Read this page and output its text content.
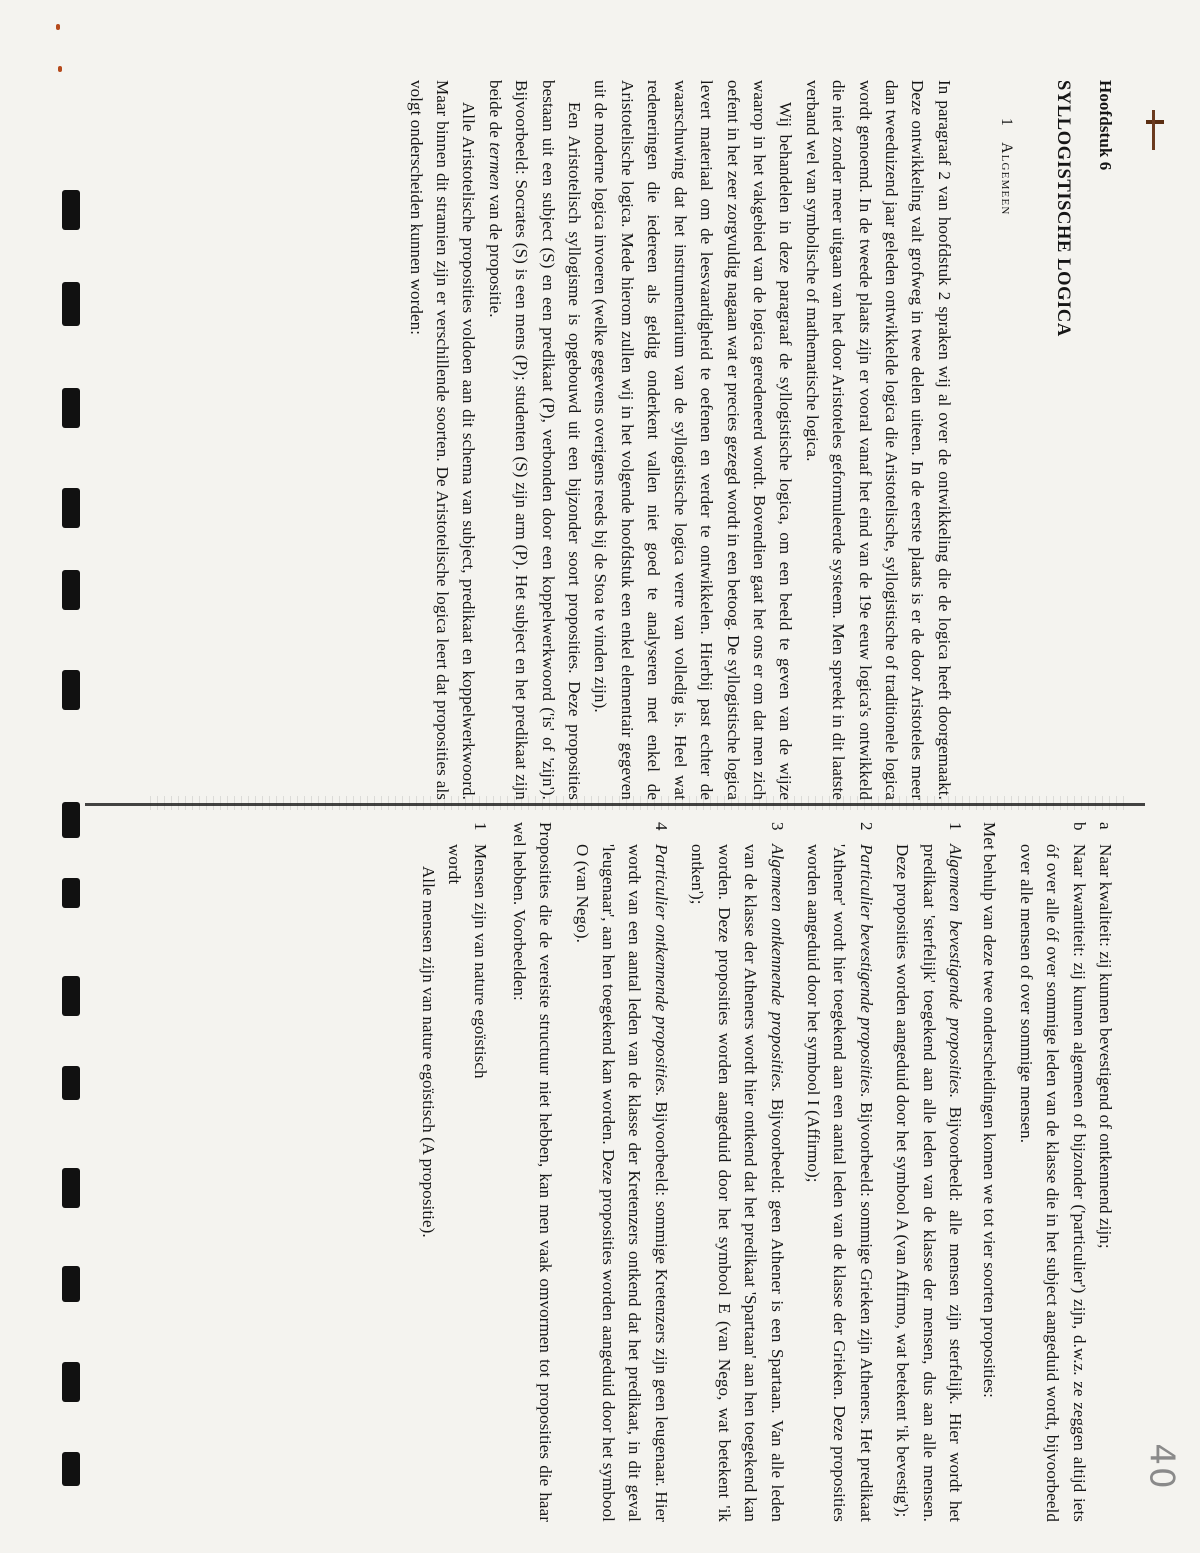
Hoofdstuk 6
SYLLOGISTISCHE LOGICA
1   Algemeen

In paragraaf 2 van hoofdstuk 2 spraken wij al over de ontwikkeling die de logica heeft doorgemaakt. Deze ontwikkeling valt grofweg in twee delen uiteen. In de eerste plaats is er de door Aristoteles meer dan tweeduizend jaar geleden ontwikkelde logica die Aristotelische, syllogistische of traditionele logica wordt genoemd. In de tweede plaats zijn er vooral vanaf het eind van de 19e eeuw logica's ontwikkeld die niet zonder meer uitgaan van het door Aristoteles geformuleerde systeem. Men spreekt in dit laatste verband wel van symbolische of mathematische logica.

Wij behandelen in deze paragraaf de syllogistische logica, om een beeld te geven van de wijze waarop in het vakgebied van de logica geredeneerd wordt. Bovendien gaat het ons er om dat men zich oefent in het zeer zorgvuldig nagaan wat er precies gezegd wordt in een betoog. De syllogistische logica levert materiaal om de leesvaardigheid te oefenen en verder te ontwikkelen. Hierbij past echter de waarschuwing dat het instrumentarium van de syllogistische logica verre van volledig is. Heel wat redeneringen die iedereen als geldig onderkent vallen niet goed te analyseren met enkel de Aristotelische logica. Mede hierom zullen wij in het volgende hoofdstuk een enkel elementair gegeven uit de moderne logica invoeren (welke gegevens overigens reeds bij de Stoa te vinden zijn).

Een Aristotelisch syllogisme is opgebouwd uit een bijzonder soort proposities. Deze proposities bestaan uit een subject (S) en een predikaat (P), verbonden door een koppelwerkwoord ('is' of 'zijn'). Bijvoorbeeld: Socrates (S) is een mens (P); studenten (S) zijn arm (P). Het subject en het predikaat zijn beide de termen van de propositie.

Alle Aristotelische proposities voldoen aan dit schema van subject, predikaat en koppelwerkwoord. Maar binnen dit stramien zijn er verschillende soorten. De Aristotelische logica leert dat proposities als volgt onderscheiden kunnen worden:

aNaar kwaliteit: zij kunnen bevestigend of ontkennend zijn;

bNaar kwantiteit: zij kunnen algemeen of bijzonder ('particulier') zijn, d.w.z. ze zeggen altijd iets óf over alle óf over sommige leden van de klasse die in het subject aangeduid wordt, bijvoorbeeld over alle mensen of over sommige mensen.

Met behulp van deze twee onderscheidingen komen we tot vier soorten proposities:

1Algemeen bevestigende proposities. Bijvoorbeeld: alle mensen zijn sterfelijk. Hier wordt het predikaat 'sterfelijk' toegekend aan alle leden van de klasse der mensen, dus aan alle mensen. Deze proposities worden aangeduid door het symbool A (van Affirmo, wat betekent 'ik bevestig');

2Particulier bevestigende proposities. Bijvoorbeeld: sommige Grieken zijn Atheners. Het predikaat 'Athener' wordt hier toegekend aan een aantal leden van de klasse der Grieken. Deze proposities worden aangeduid door het symbool I (Affirmo);

3Algemeen ontkennende proposities. Bijvoorbeeld: geen Athener is een Spartaan. Van alle leden van de klasse der Atheners wordt hier ontkend dat het predikaat 'Spartaan' aan hen toegekend kan worden. Deze proposities worden aangeduid door het symbool E (van Nego, wat betekent 'ik ontken');

4Particulier ontkennende proposities. Bijvoorbeeld: sommige Kretenzers zijn geen leugenaar. Hier wordt van een aantal leden van de klasse der Kretenzers ontkend dat het predikaat, in dit geval 'leugenaar', aan hen toegekend kan worden. Deze proposities worden aangeduid door het symbool O (van Nego).

Proposities die de vereiste structuur niet hebben, kan men vaak omvormen tot proposities die haar wel hebben. Voorbeelden:

1Mensen zijn van nature egoïstisch

wordt

Alle mensen zijn van nature egoïstisch (A propositie).

40
